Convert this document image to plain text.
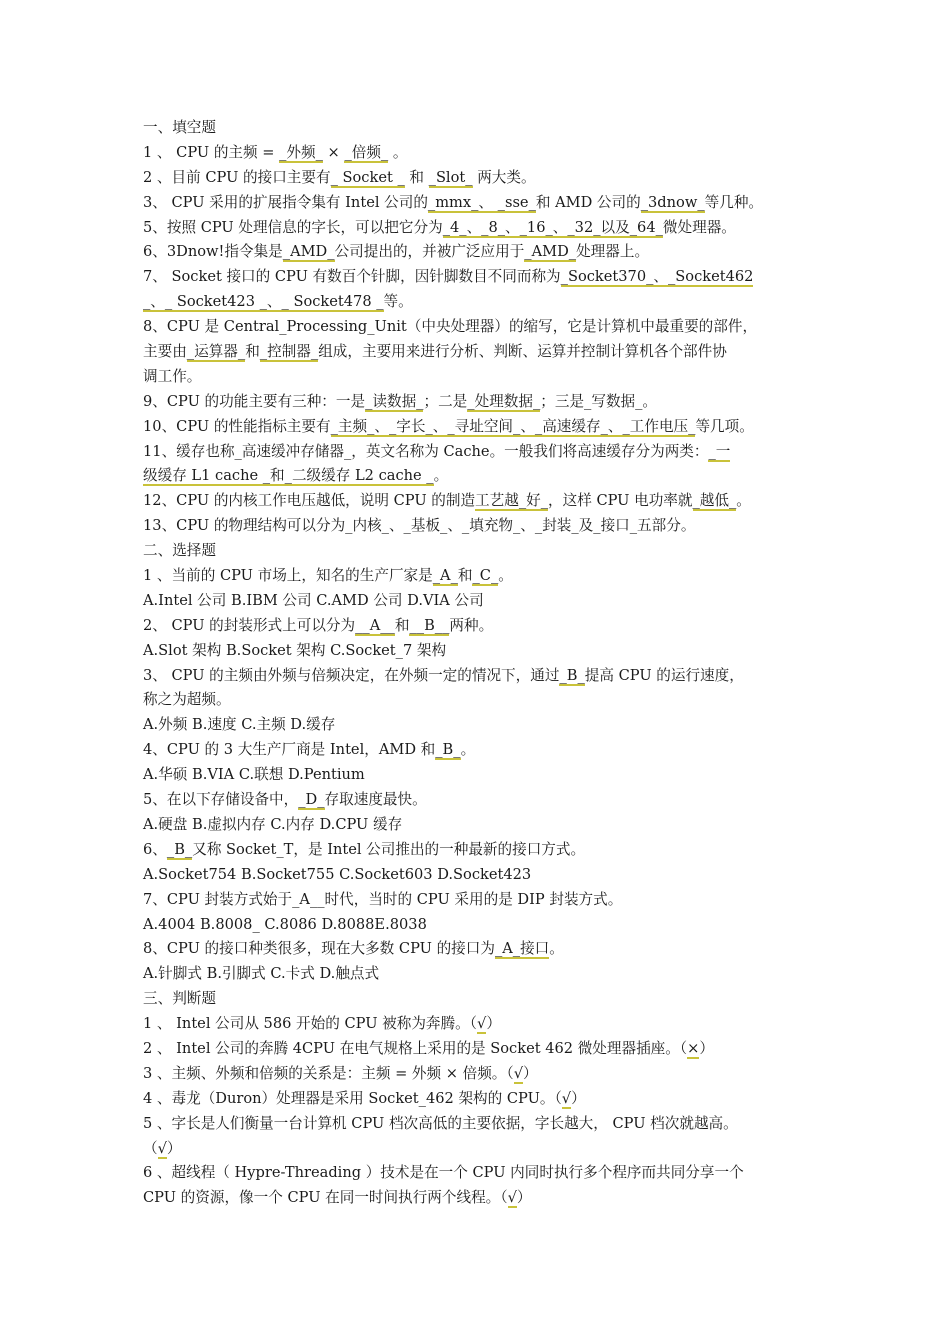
一、填空题
1 、 CPU 的主频 = _外频_ × _倍频_ 。
2 、目前 CPU 的接口主要有_ Socket _ 和 _Slot_ 两大类。
3、 CPU 采用的扩展指令集有 Intel 公司的_mmx_、 _sse_和 AMD 公司的_3dnow_等几种。
5、按照 CPU 处理信息的字长，可以把它分为_4_、_8_、_16_、_32_以及_64_微处理器。
6、3Dnow!指令集是_AMD_公司提出的，并被广泛应用于_AMD_处理器上。
7、 Socket 接口的 CPU 有数百个针脚，因针脚数目不同而称为_Socket370_、_Socket462
_、_ Socket423 _、_ Socket478 _等。
8、CPU 是 Central_Processing_Unit（中央处理器）的缩写，它是计算机中最重要的部件，
主要由_运算器_和_控制器_组成，主要用来进行分析、判断、运算并控制计算机各个部件协
调工作。
9、CPU 的功能主要有三种：一是_读数据_；二是_处理数据_；三是_写数据_。
10、CPU 的性能指标主要有_主频_、_字长_、_寻址空间_、_高速缓存_、_工作电压_等几项。
11、缓存也称_高速缓冲存储器_，英文名称为 Cache。一般我们将高速缓存分为两类：_一
级缓存 L1 cache _和_二级缓存 L2 cache _。
12、CPU 的内核工作电压越低，说明 CPU 的制造工艺越_好_，这样 CPU 电功率就_越低_。
13、CPU 的物理结构可以分为_内核_、_基板_、_填充物_、_封装_及_接口_五部分。
二、选择题
1 、当前的 CPU 市场上，知名的生产厂家是_A_和_C_。
A.Intel 公司 B.IBM 公司 C.AMD 公司 D.VIA 公司
2、 CPU 的封装形式上可以分为__A__和__B__两种。
A.Slot 架构 B.Socket 架构 C.Socket_7 架构
3、 CPU 的主频由外频与倍频决定，在外频一定的情况下，通过_B_提高 CPU 的运行速度，
称之为超频。
A.外频 B.速度 C.主频 D.缓存
4、CPU 的 3 大生产厂商是 Intel，AMD 和_B_。
A.华硕 B.VIA C.联想 D.Pentium
5、在以下存储设备中，_D_存取速度最快。
A.硬盘 B.虚拟内存 C.内存 D.CPU 缓存
6、_B_又称 Socket_T，是 Intel 公司推出的一种最新的接口方式。
A.Socket754 B.Socket755 C.Socket603 D.Socket423
7、CPU 封装方式始于_A__时代，当时的 CPU 采用的是 DIP 封装方式。
A.4004 B.8008_ C.8086 D.8088E.8038
8、CPU 的接口种类很多，现在大多数 CPU 的接口为_A_接口。
A.针脚式 B.引脚式 C.卡式 D.触点式
三、判断题
1 、 Intel 公司从 586 开始的 CPU 被称为奔腾。（√）
2 、 Intel 公司的奔腾 4CPU 在电气规格上采用的是 Socket 462 微处理器插座。（×）
3 、主频、外频和倍频的关系是：主频 = 外频 × 倍频。（√）
4 、毒龙（Duron）处理器是采用 Socket_462 架构的 CPU。（√）
5 、字长是人们衡量一台计算机 CPU 档次高低的主要依据，字长越大， CPU 档次就越高。
（√）
6 、超线程（ Hypre-Threading ）技术是在一个 CPU 内同时执行多个程序而共同分享一个
CPU 的资源，像一个 CPU 在同一时间执行两个线程。（√）
